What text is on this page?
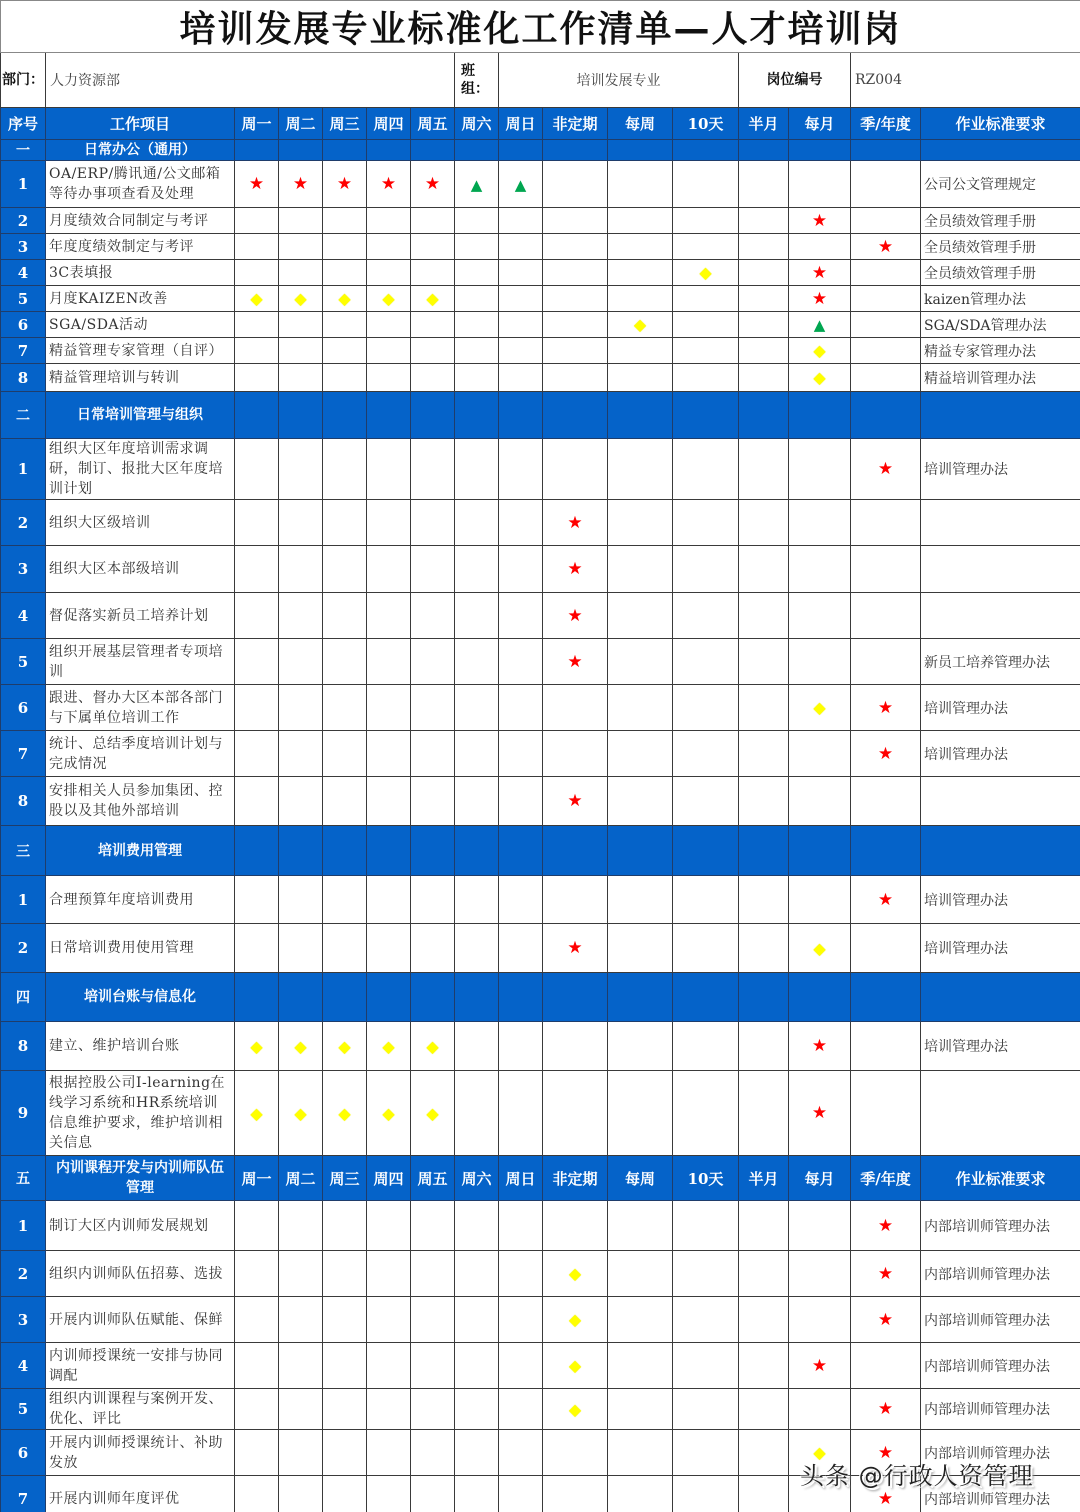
培训发展专业标准化工作清单—人才培训岗															
部门：	人力资源部						班组：	培训发展专业				岗位编号		RZ004	
序号	工作项目	周一	周二	周三	周四	周五	周六	周日	非定期	每周	10天	半月	每月	季/年度	作业标准要求
一	日常办公（通用）														
1	OA/ERP/腾讯通/公文邮箱等待办事项查看及处理	★	★	★	★	★	▲	▲							公司公文管理规定
2	月度绩效合同制定与考评												★		全员绩效管理手册
3	年度度绩效制定与考评													★	全员绩效管理手册
4	3C表填报										◆		★		全员绩效管理手册
5	月度KAIZEN改善	◆	◆	◆	◆	◆							★		kaizen管理办法
6	SGA/SDA活动									◆			▲		SGA/SDA管理办法
7	精益管理专家管理（自评）												◆		精益专家管理办法
8	精益管理培训与转训												◆		精益培训管理办法
二	日常培训管理与组织														
1	组织大区年度培训需求调研，制订、报批大区年度培训计划													★	培训管理办法
2	组织大区级培训								★						
3	组织大区本部级培训								★						
4	督促落实新员工培养计划								★						
5	组织开展基层管理者专项培训								★						新员工培养管理办法
6	跟进、督办大区本部各部门与下属单位培训工作												◆	★	培训管理办法
7	统计、总结季度培训计划与完成情况													★	培训管理办法
8	安排相关人员参加集团、控股以及其他外部培训								★						
三	培训费用管理														
1	合理预算年度培训费用													★	培训管理办法
2	日常培训费用使用管理								★				◆		培训管理办法
四	培训台账与信息化														
8	建立、维护培训台账	◆	◆	◆	◆	◆							★		培训管理办法
9	根据控股公司I-learning在线学习系统和HR系统培训信息维护要求，维护培训相关信息	◆	◆	◆	◆	◆							★		
五	内训课程开发与内训师队伍管理	周一	周二	周三	周四	周五	周六	周日	非定期	每周	10天	半月	每月	季/年度	作业标准要求
1	制订大区内训师发展规划													★	内部培训师管理办法
2	组织内训师队伍招募、选拔								◆					★	内部培训师管理办法
3	开展内训师队伍赋能、保鲜								◆					★	内部培训师管理办法
4	内训师授课统一安排与协同调配								◆				★		内部培训师管理办法
5	组织内训课程与案例开发、优化、评比								◆					★	内部培训师管理办法
6	开展内训师授课统计、补助发放												◆	★	内部培训师管理办法
7	开展内训师年度评优													★	内部培训师管理办法
头条 @行政人资管理
